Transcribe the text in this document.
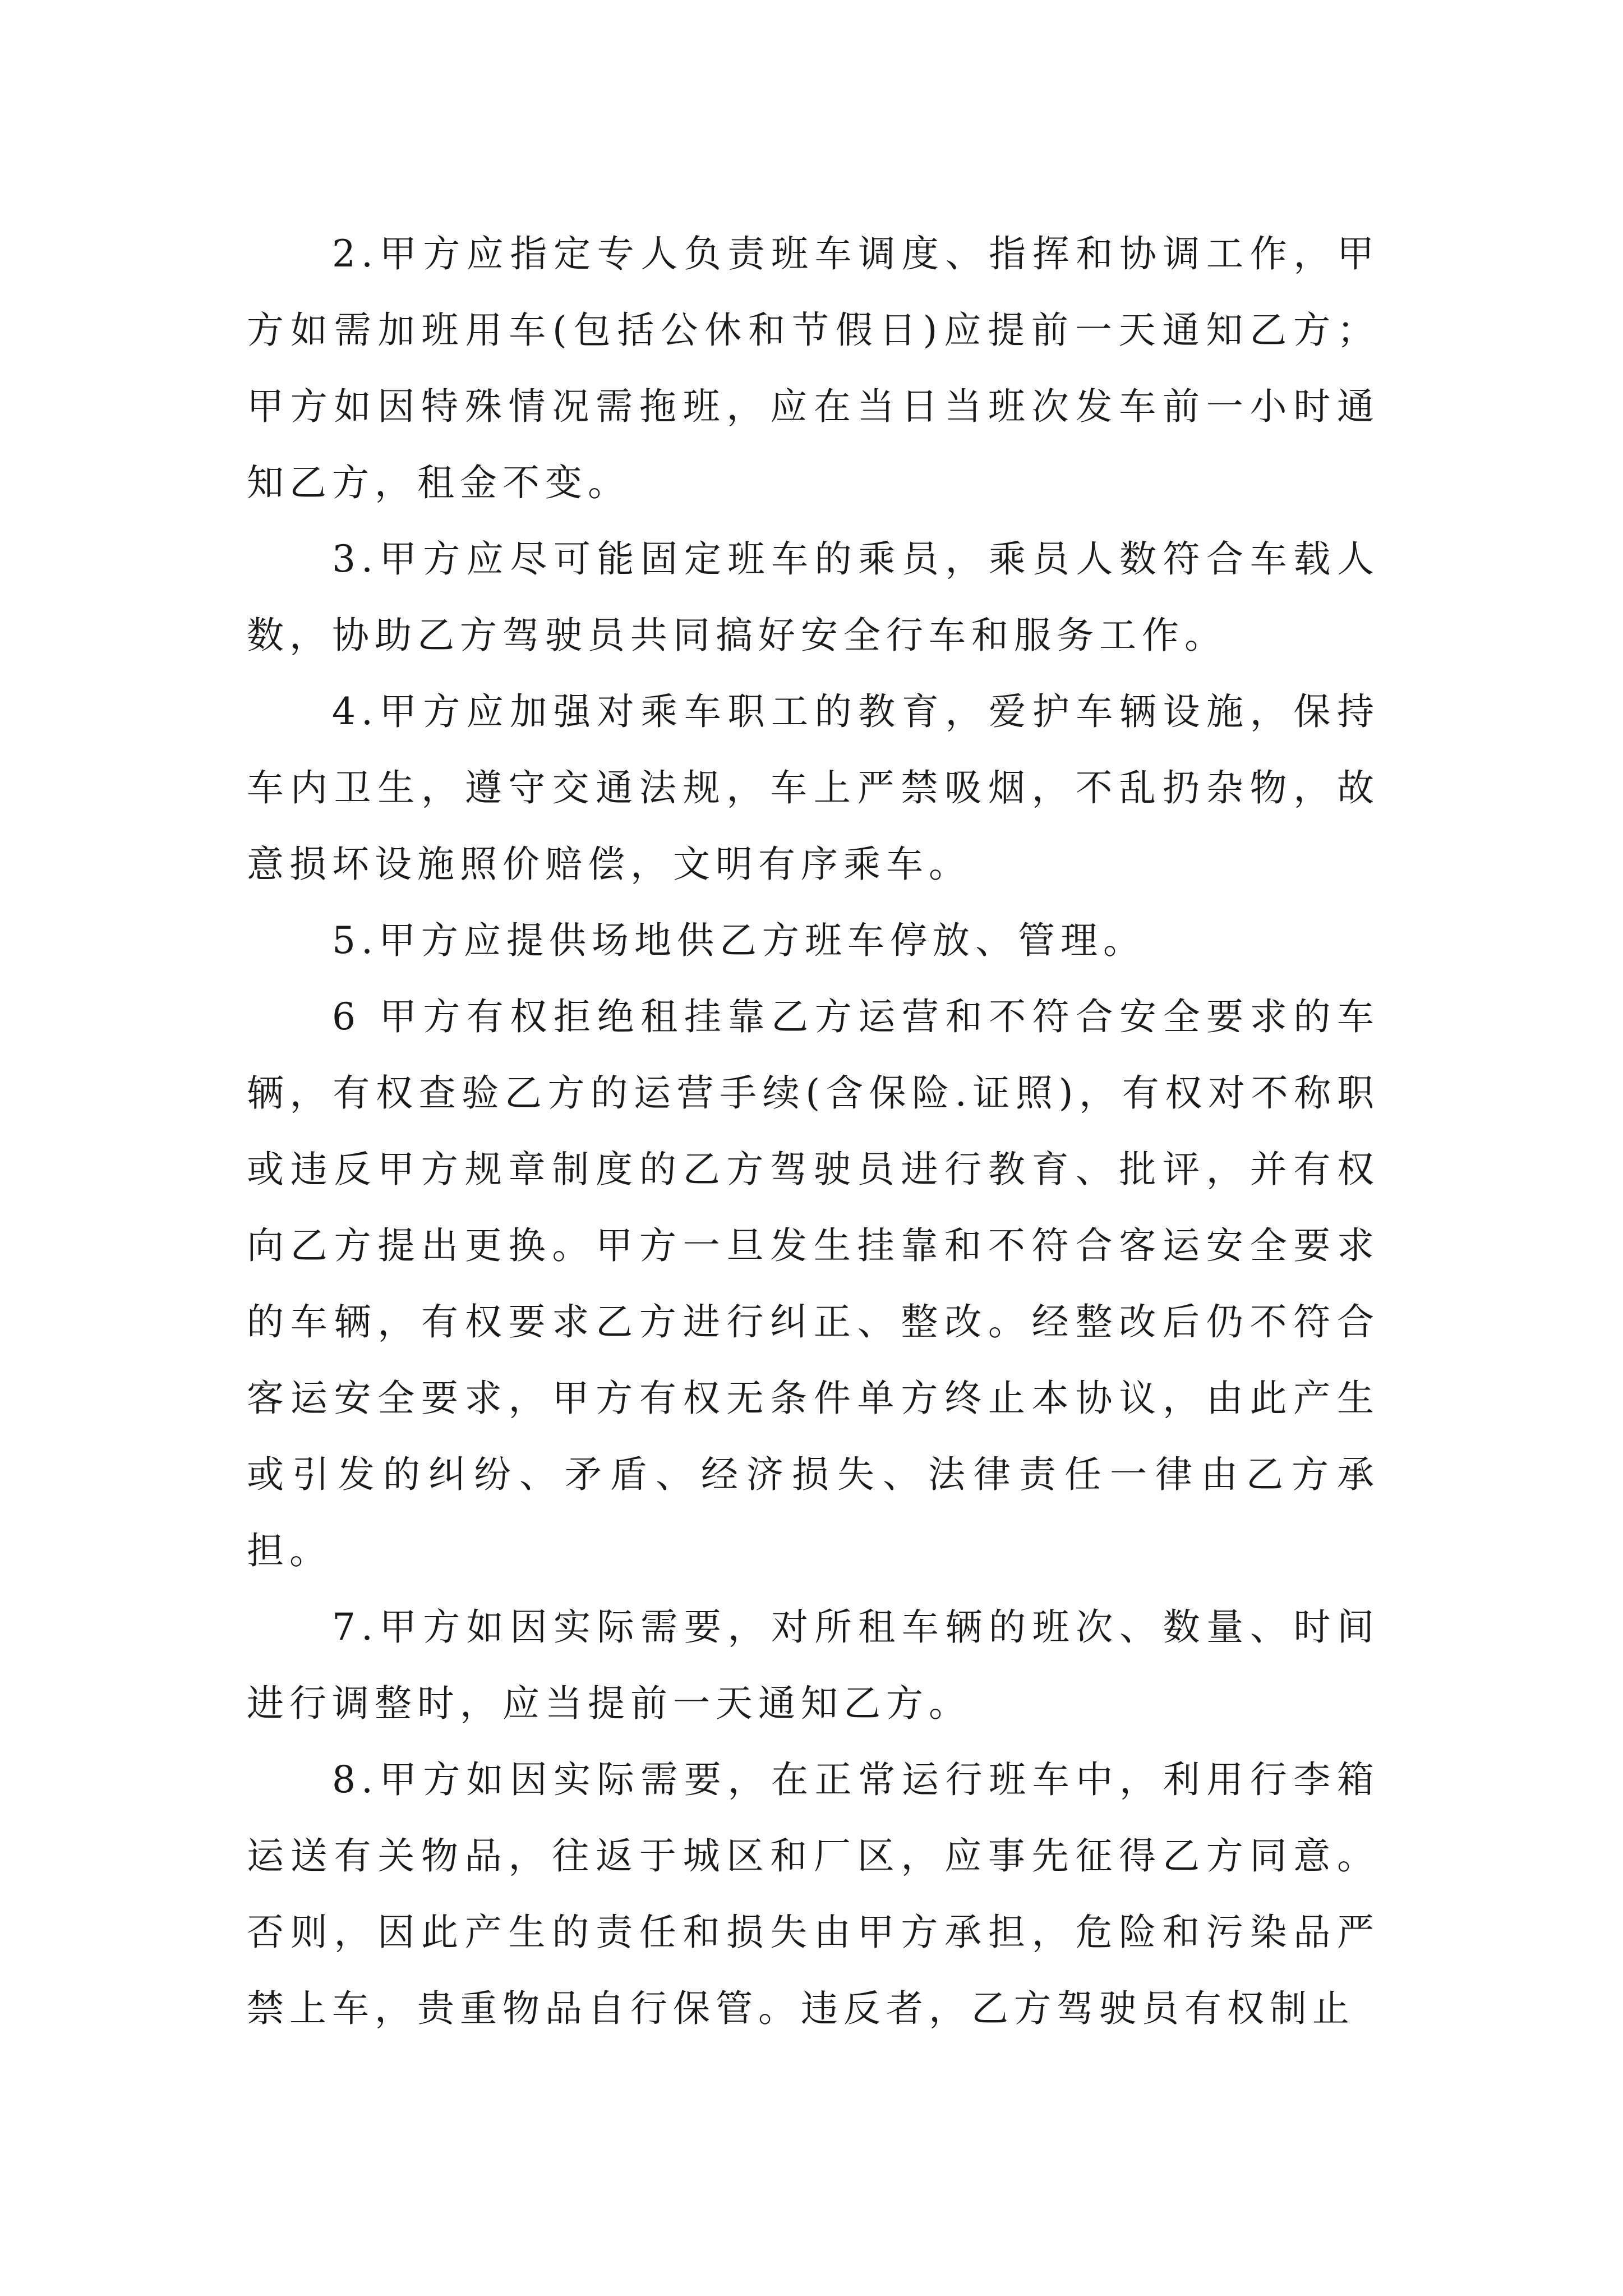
2.甲方应指定专人负责班车调度、指挥和协调工作，甲方如需加班用车(包括公休和节假日)应提前一天通知乙方；甲方如因特殊情况需拖班，应在当日当班次发车前一小时通知乙方，租金不变。

3.甲方应尽可能固定班车的乘员，乘员人数符合车载人数，协助乙方驾驶员共同搞好安全行车和服务工作。

4.甲方应加强对乘车职工的教育，爱护车辆设施，保持车内卫生，遵守交通法规，车上严禁吸烟，不乱扔杂物，故意损坏设施照价赔偿，文明有序乘车。

5.甲方应提供场地供乙方班车停放、管理。

6 甲方有权拒绝租挂靠乙方运营和不符合安全要求的车辆，有权查验乙方的运营手续(含保险.证照)，有权对不称职或违反甲方规章制度的乙方驾驶员进行教育、批评，并有权向乙方提出更换。甲方一旦发生挂靠和不符合客运安全要求的车辆，有权要求乙方进行纠正、整改。经整改后仍不符合客运安全要求，甲方有权无条件单方终止本协议，由此产生或引发的纠纷、矛盾、经济损失、法律责任一律由乙方承担。

7.甲方如因实际需要，对所租车辆的班次、数量、时间进行调整时，应当提前一天通知乙方。

8.甲方如因实际需要，在正常运行班车中，利用行李箱运送有关物品，往返于城区和厂区，应事先征得乙方同意。否则，因此产生的责任和损失由甲方承担，危险和污染品严禁上车，贵重物品自行保管。违反者，乙方驾驶员有权制止
